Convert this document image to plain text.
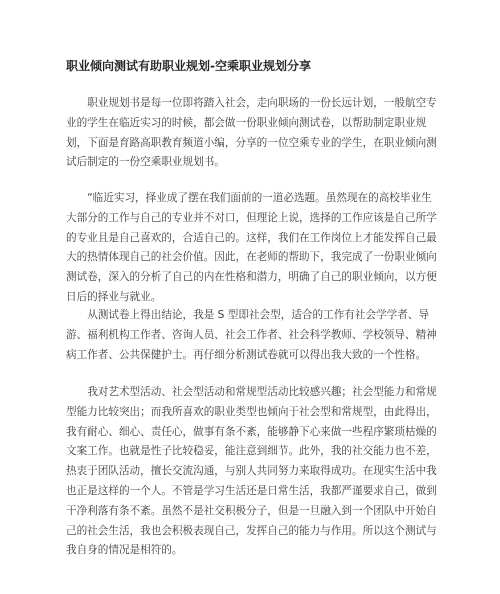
职业倾向测试有助职业规划-空乘职业规划分享

职业规划书是每一位即将踏入社会，走向职场的一份长远计划，一般航空专业的学生在临近实习的时候，都会做一份职业倾向测试卷，以帮助制定职业规划，下面是育路高职教育频道小编，分享的一位空乘专业的学生，在职业倾向测试后制定的一份空乘职业规划书。

“临近实习，择业成了摆在我们面前的一道必选题。虽然现在的高校毕业生大部分的工作与自己的专业并不对口，但理论上说，选择的工作应该是自己所学的专业且是自己喜欢的，合适自己的。这样，我们在工作岗位上才能发挥自己最大的热情体现自己的社会价值。因此，在老师的帮助下，我完成了一份职业倾向测试卷，深入的分析了自己的内在性格和潜力，明确了自己的职业倾向，以方便日后的择业与就业。

从测试卷上得出结论，我是 S 型即社会型，适合的工作有社会学学者、导游、福利机构工作者、咨询人员、社会工作者、社会科学教师、学校领导、精神病工作者、公共保健护士。再仔细分析测试卷就可以得出我大致的一个性格。

我对艺术型活动、社会型活动和常规型活动比较感兴趣；社会型能力和常规型能力比较突出；而我所喜欢的职业类型也倾向于社会型和常规型，由此得出，我有耐心、细心、责任心，做事有条不紊，能够静下心来做一些程序繁琐枯燥的文案工作。也就是性子比较稳妥，能注意到细节。此外，我的社交能力也不差，热衷于团队活动，擅长交流沟通，与别人共同努力来取得成功。在现实生活中我也正是这样的一个人。不管是学习生活还是日常生活，我都严谨要求自己，做到干净利落有条不紊。虽然不是社交积极分子，但是一旦融入到一个团队中开始自己的社会生活，我也会积极表现自己，发挥自己的能力与作用。所以这个测试与我自身的情况是相符的。
